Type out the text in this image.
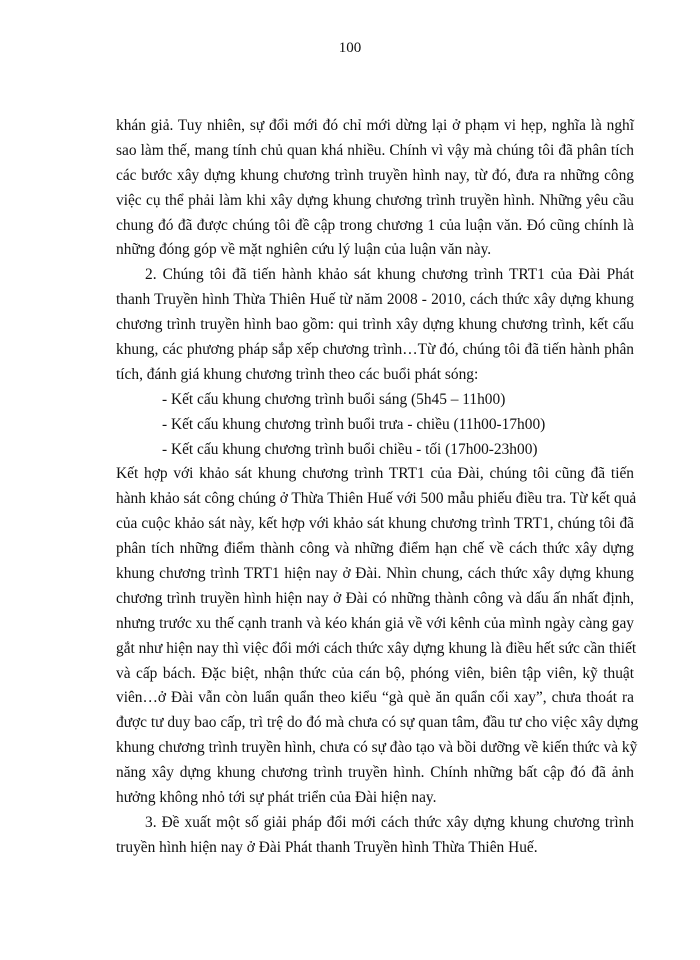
100
khán giả. Tuy nhiên, sự đổi mới đó chỉ mới dừng lại ở phạm vi hẹp, nghĩa là nghĩ
sao làm thế, mang tính chủ quan khá nhiều. Chính vì vậy mà chúng tôi đã phân tích
các bước xây dựng khung chương trình truyền hình nay, từ đó, đưa ra những công
việc cụ thể phải làm khi xây dựng khung chương trình truyền hình. Những yêu cầu
chung đó đã được chúng tôi đề cập trong chương 1 của luận văn. Đó cũng chính là
những đóng góp về mặt nghiên cứu lý luận của luận văn này.
2. Chúng tôi đã tiến hành khảo sát khung chương trình TRT1 của Đài Phát
thanh Truyền hình Thừa Thiên Huế từ năm 2008 - 2010, cách thức xây dựng khung
chương trình truyền hình bao gồm: qui trình xây dựng khung chương trình, kết cấu
khung, các phương pháp sắp xếp chương trình…Từ đó, chúng tôi đã tiến hành phân
tích, đánh giá khung chương trình theo các buổi phát sóng:
- Kết cấu khung chương trình buổi sáng (5h45 – 11h00)
- Kết cấu khung chương trình buổi trưa - chiều (11h00-17h00)
- Kết cấu khung chương trình buổi chiều - tối (17h00-23h00)
Kết hợp với khảo sát khung chương trình TRT1 của Đài, chúng tôi cũng đã tiến
hành khảo sát công chúng ở Thừa Thiên Huế với 500 mẫu phiếu điều tra. Từ kết quả
của cuộc khảo sát này, kết hợp với khảo sát khung chương trình TRT1, chúng tôi đã
phân tích những điểm thành công và những điểm hạn chế về cách thức xây dựng
khung chương trình TRT1 hiện nay ở Đài. Nhìn chung, cách thức xây dựng khung
chương trình truyền hình hiện nay ở Đài có những thành công và dấu ấn nhất định,
nhưng trước xu thế cạnh tranh và kéo khán giả về với kênh của mình ngày càng gay
gắt như hiện nay thì việc đổi mới cách thức xây dựng khung là điều hết sức cần thiết
và cấp bách. Đặc biệt, nhận thức của cán bộ, phóng viên, biên tập viên, kỹ thuật
viên…ở Đài vẫn còn luẩn quẩn theo kiểu “gà què ăn quẩn cối xay”, chưa thoát ra
được tư duy bao cấp, trì trệ do đó mà chưa có sự quan tâm, đầu tư cho việc xây dựng
khung chương trình truyền hình, chưa có sự đào tạo và bồi dưỡng về kiến thức và kỹ
năng xây dựng khung chương trình truyền hình. Chính những bất cập đó đã ảnh
hưởng không nhỏ tới sự phát triển của Đài hiện nay.
3. Đề xuất một số giải pháp đổi mới cách thức xây dựng khung chương trình
truyền hình hiện nay ở Đài Phát thanh Truyền hình Thừa Thiên Huế.
